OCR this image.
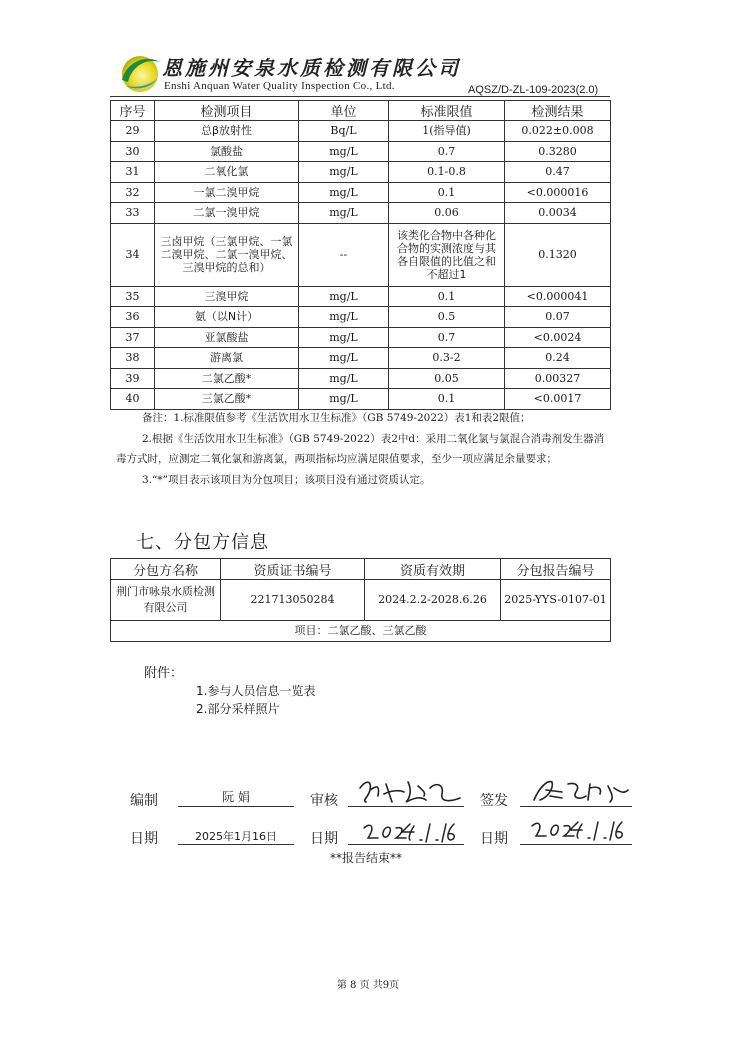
恩施州安泉水质检测有限公司
Enshi Anquan Water Quality Inspection Co., Ltd.	AQSZ/D-ZL-109-2023(2.0)
序号	检测项目	单位	标准限值	检测结果
29	总β放射性	Bq/L	1(指导值)	0.022±0.008
30	氯酸盐	mg/L	0.7	0.3280
31	二氧化氯	mg/L	0.1-0.8	0.47
32	一氯二溴甲烷	mg/L	0.1	<0.000016
33	二氯一溴甲烷	mg/L	0.06	0.0034
34	三卤甲烷（三氯甲烷、一氯二溴甲烷、二氯一溴甲烷、三溴甲烷的总和）	--	该类化合物中各种化合物的实测浓度与其各自限值的比值之和不超过1	0.1320
35	三溴甲烷	mg/L	0.1	<0.000041
36	氨（以N计）	mg/L	0.5	0.07
37	亚氯酸盐	mg/L	0.7	<0.0024
38	游离氯	mg/L	0.3-2	0.24
39	二氯乙酸*	mg/L	0.05	0.00327
40	三氯乙酸*	mg/L	0.1	<0.0017

备注：1.标准限值参考《生活饮用水卫生标准》（GB 5749-2022）表1和表2限值；

2.根据《生活饮用水卫生标准》（GB 5749-2022）表2中d：采用二氧化氯与氯混合消毒剂发生器消毒方式时，应测定二氧化氯和游离氯，两项指标均应满足限值要求，至少一项应满足余量要求；

3.“*”项目表示该项目为分包项目；该项目没有通过资质认定。

七、分包方信息
分包方名称	资质证书编号	资质有效期	分包报告编号
荆门市咏泉水质检测有限公司	221713050284	2024.2.2-2028.6.26	2025-YYS-0107-01
项目：二氯乙酸、三氯乙酸			
附件：
1.参与人员信息一览表
2.部分采样照片
编制	阮 娟	审核	签发
日期	2025年1月16日	日期	日期
**报告结束**
第 8 页 共9页
